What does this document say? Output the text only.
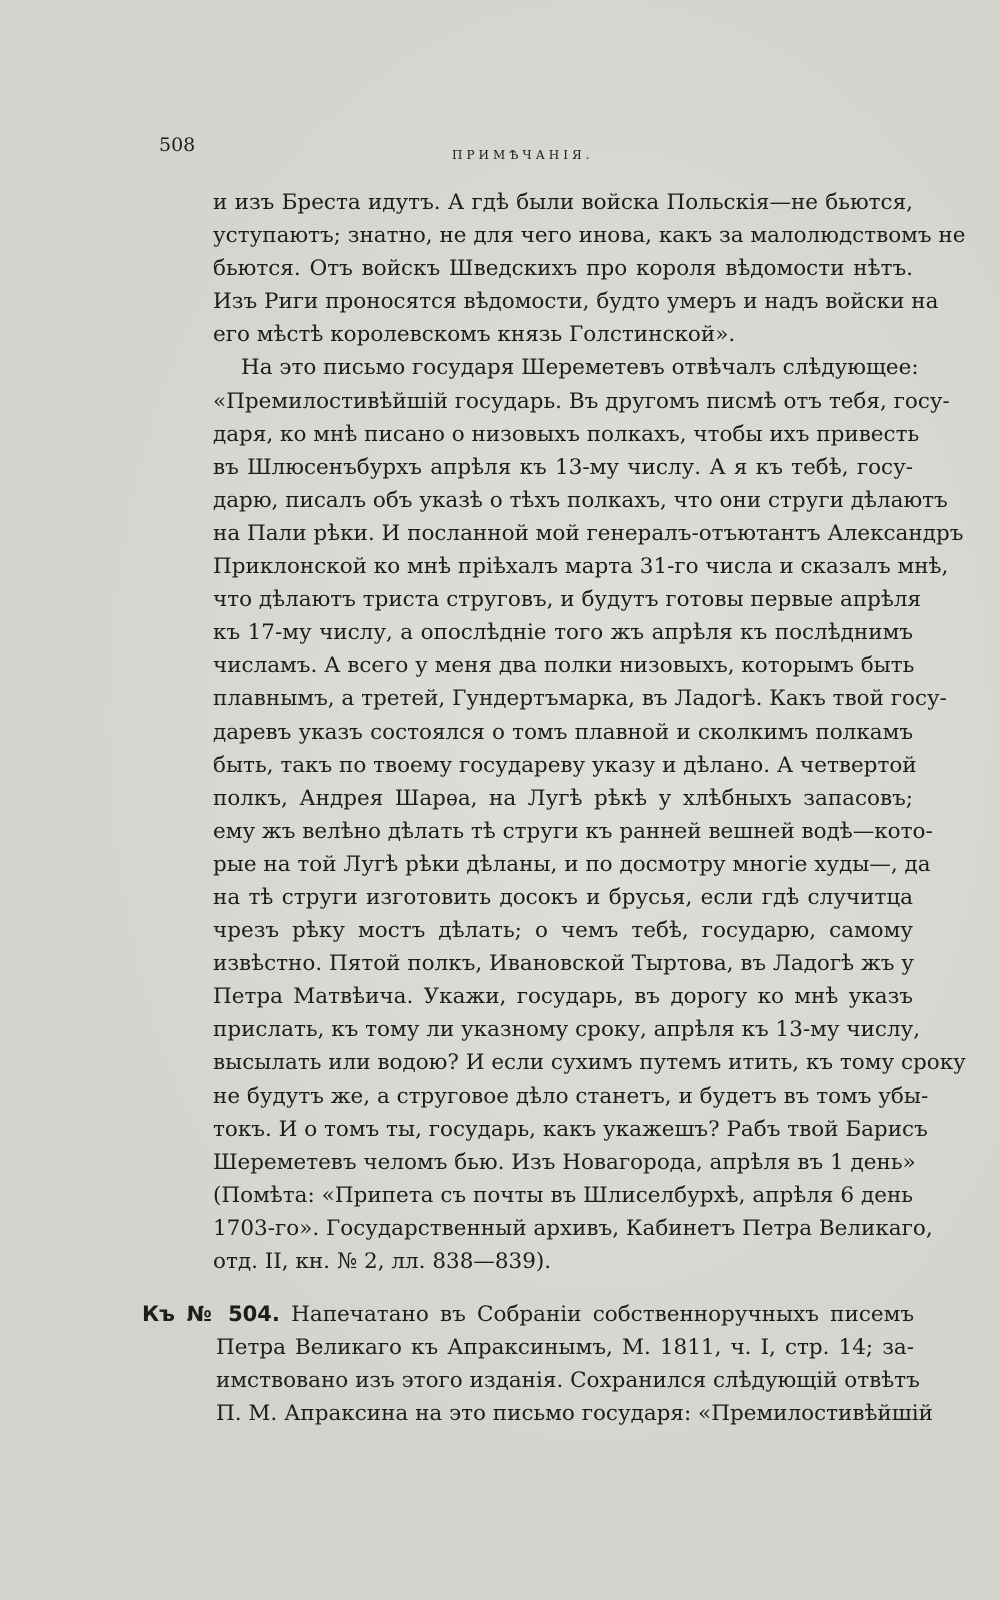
508	ПРИМѢЧАНІЯ.
и изъ Бреста идутъ. А гдѣ были войска Польскія—не бьются,
уступаютъ; знатно, не для чего инова, какъ за малолюдствомъ не
бьются. Отъ войскъ Шведскихъ про короля вѣдомости нѣтъ.
Изъ Риги проносятся вѣдомости, будто умеръ и надъ войски на
его мѣстѣ королевскомъ князь Голстинской».
На это письмо государя Шереметевъ отвѣчалъ слѣдующее:
«Премилостивѣйшій государь. Въ другомъ писмѣ отъ тебя, госу-
даря, ко мнѣ писано о низовыхъ полкахъ, чтобы ихъ привесть
въ Шлюсенъбурхъ апрѣля къ 13-му числу. А я къ тебѣ, госу-
дарю, писалъ объ указѣ о тѣхъ полкахъ, что они струги дѣлаютъ
на Пали рѣки. И посланной мой генералъ-отъютантъ Александръ
Приклонской ко мнѣ пріѣхалъ марта 31-го числа и сказалъ мнѣ,
что дѣлаютъ триста струговъ, и будутъ готовы первые апрѣля
къ 17-му числу, а опослѣдніе того жъ апрѣля къ послѣднимъ
числамъ. А всего у меня два полки низовыхъ, которымъ быть
плавнымъ, а третей, Гундертъмарка, въ Ладогѣ. Какъ твой госу-
даревъ указъ состоялся о томъ плавной и сколкимъ полкамъ
быть, такъ по твоему государеву указу и дѣлано. А четвертой
полкъ, Андрея Шарѳа, на Лугѣ рѣкѣ у хлѣбныхъ запасовъ;
ему жъ велѣно дѣлать тѣ струги къ ранней вешней водѣ—кото-
рые на той Лугѣ рѣки дѣланы, и по досмотру многіе худы—, да
на тѣ струги изготовить досокъ и брусья, если гдѣ случитца
чрезъ рѣку мостъ дѣлать; о чемъ тебѣ, государю, самому
извѣстно. Пятой полкъ, Ивановской Тыртова, въ Ладогѣ жъ у
Петра Матвѣича. Укажи, государь, въ дорогу ко мнѣ указъ
прислать, къ тому ли указному сроку, апрѣля къ 13-му числу,
высылать или водою? И если сухимъ путемъ итить, къ тому сроку
не будутъ же, а струговое дѣло станетъ, и будетъ въ томъ убы-
токъ. И о томъ ты, государь, какъ укажешъ? Рабъ твой Барисъ
Шереметевъ челомъ бью. Изъ Новагорода, апрѣля въ 1 день»
(Помѣта: «Припета съ почты въ Шлиселбурхѣ, апрѣля 6 день
1703-го». Государственный архивъ, Кабинетъ Петра Великаго,
отд. II, кн. № 2, лл. 838—839).
Къ № 504. Напечатано въ Собраніи собственноручныхъ писемъ
Петра Великаго къ Апраксинымъ, М. 1811, ч. I, стр. 14; за-
имствовано изъ этого изданія. Сохранился слѣдующій отвѣтъ
П. М. Апраксина на это письмо государя: «Премилостивѣйшій
